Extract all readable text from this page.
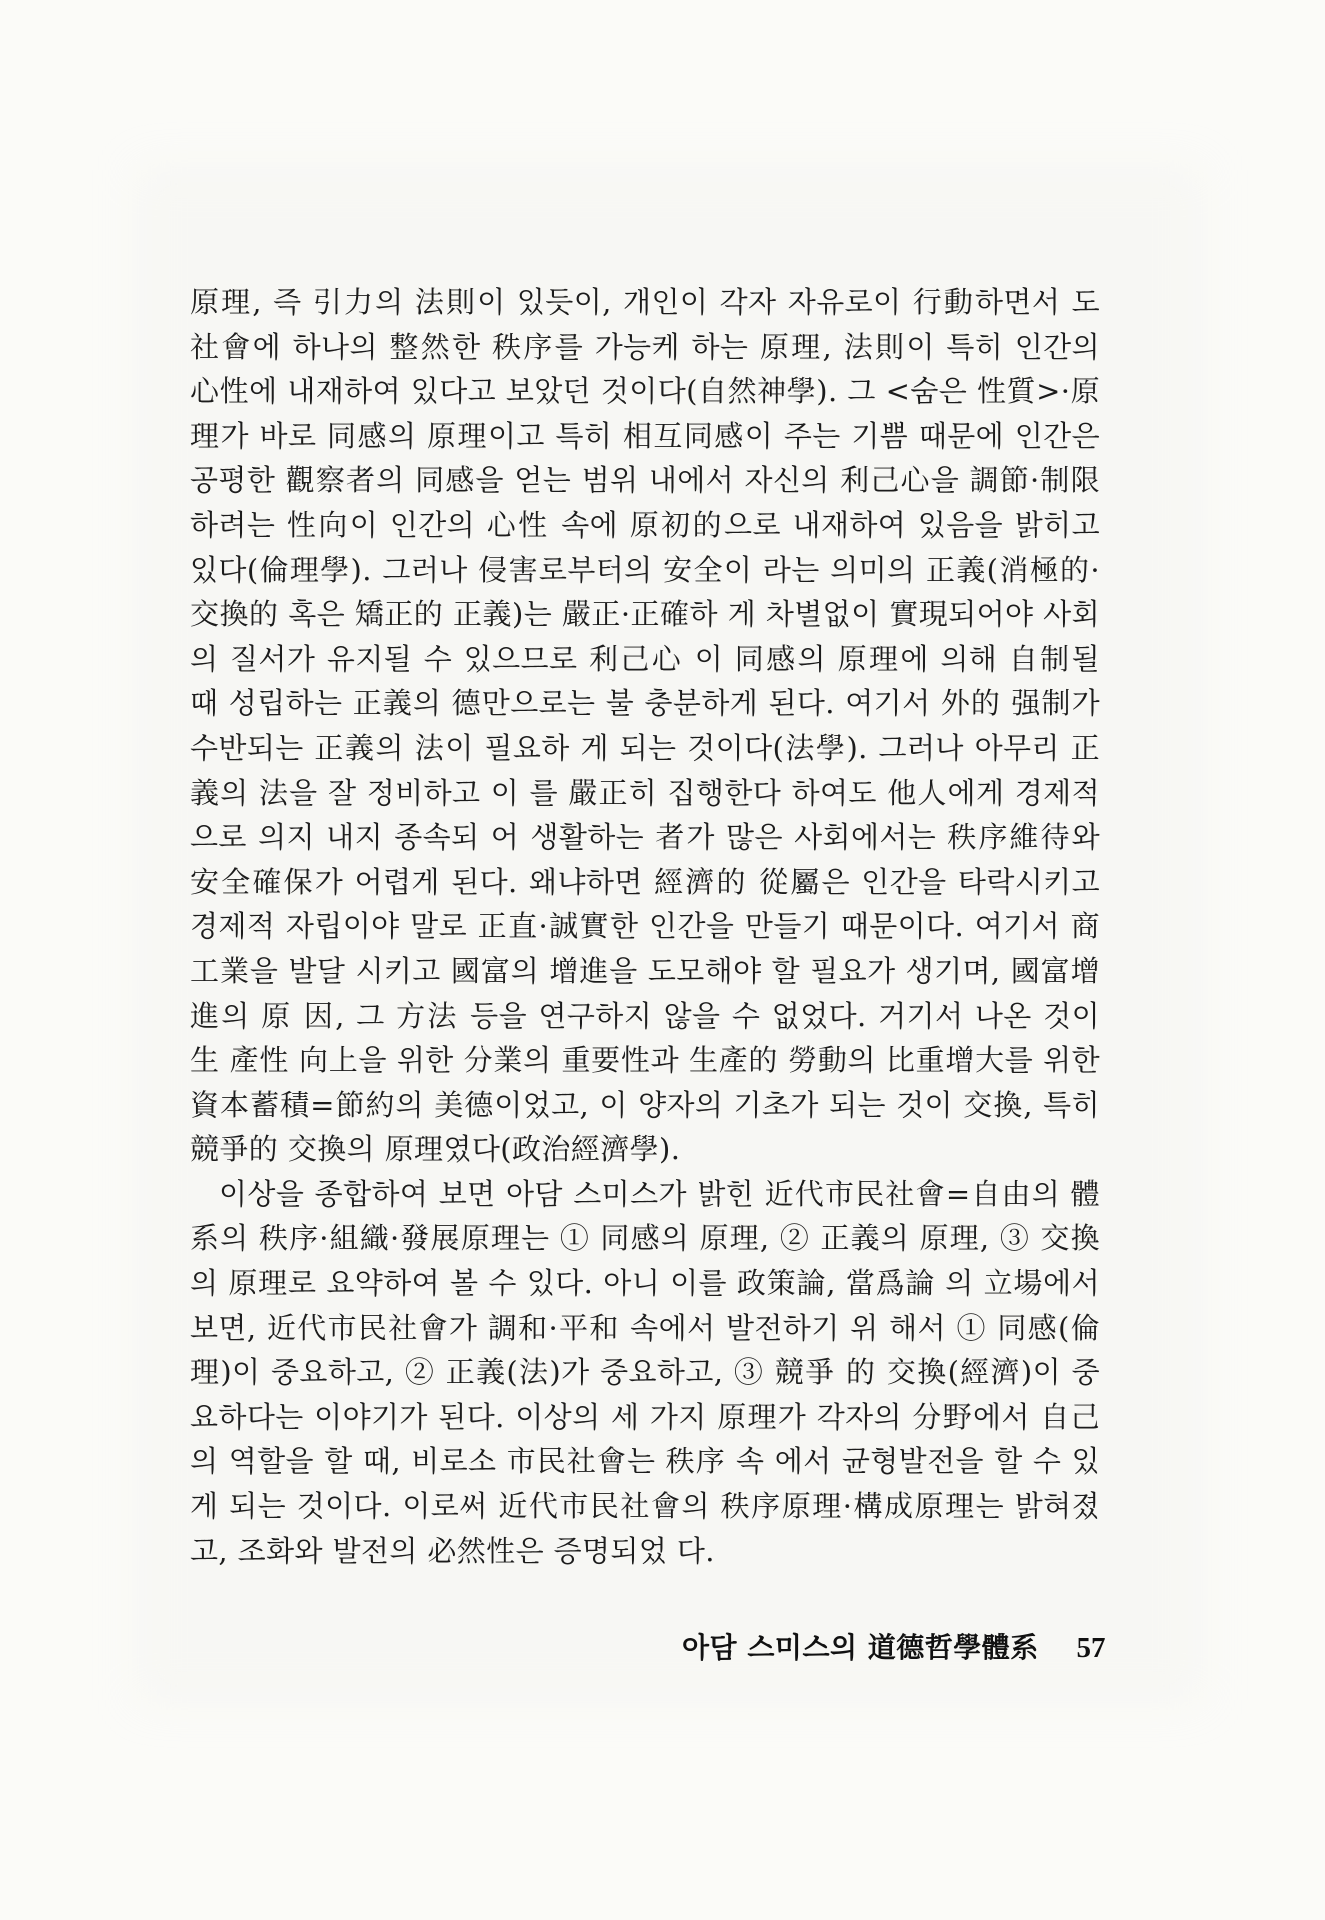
原理, 즉 引力의 法則이 있듯이, 개인이 각자 자유로이 行動하면서 도 社會에 하나의 整然한 秩序를 가능케 하는 原理, 法則이 특히 인간의 心性에 내재하여 있다고 보았던 것이다(自然神學). 그 <숨은 性質>·原理가 바로 同感의 原理이고 특히 相互同感이 주는 기쁨 때문에 인간은 공평한 觀察者의 同感을 얻는 범위 내에서 자신의 利己心을 調節·制限하려는 性向이 인간의 心性 속에 原初的으로 내재하여 있음을 밝히고 있다(倫理學). 그러나 侵害로부터의 安全이 라는 의미의 正義(消極的·交換的 혹은 矯正的 正義)는 嚴正·正確하 게 차별없이 實現되어야 사회의 질서가 유지될 수 있으므로 利己心 이 同感의 原理에 의해 自制될 때 성립하는 正義의 德만으로는 불 충분하게 된다. 여기서 外的 强制가 수반되는 正義의 法이 필요하 게 되는 것이다(法學). 그러나 아무리 正義의 法을 잘 정비하고 이 를 嚴正히 집행한다 하여도 他人에게 경제적으로 의지 내지 종속되 어 생활하는 者가 많은 사회에서는 秩序維待와 安全確保가 어렵게 된다. 왜냐하면 經濟的 從屬은 인간을 타락시키고 경제적 자립이야 말로 正直·誠實한 인간을 만들기 때문이다. 여기서 商工業을 발달 시키고 國富의 增進을 도모해야 할 필요가 생기며, 國富增進의 原 因, 그 方法 등을 연구하지 않을 수 없었다. 거기서 나온 것이 生 產性 向上을 위한 分業의 重要性과 生產的 勞動의 比重增大를 위한 資本蓄積=節約의 美德이었고, 이 양자의 기초가 되는 것이 交換, 특히 競爭的 交換의 原理였다(政治經濟學).

이상을 종합하여 보면 아담 스미스가 밝힌 近代市民社會=自由의 體系의 秩序·組織·發展原理는 ① 同感의 原理, ② 正義의 原理, ③ 交換의 原理로 요약하여 볼 수 있다. 아니 이를 政策論, 當爲論 의 立場에서 보면, 近代市民社會가 調和·平和 속에서 발전하기 위 해서 ① 同感(倫理)이 중요하고, ② 正義(法)가 중요하고, ③ 競爭 的 交換(經濟)이 중요하다는 이야기가 된다. 이상의 세 가지 原理가 각자의 分野에서 自己의 역할을 할 때, 비로소 市民社會는 秩序 속 에서 균형발전을 할 수 있게 되는 것이다. 이로써 近代市民社會의 秩序原理·構成原理는 밝혀졌고, 조화와 발전의 必然性은 증명되었 다.

아담 스미스의 道德哲學體系 57
